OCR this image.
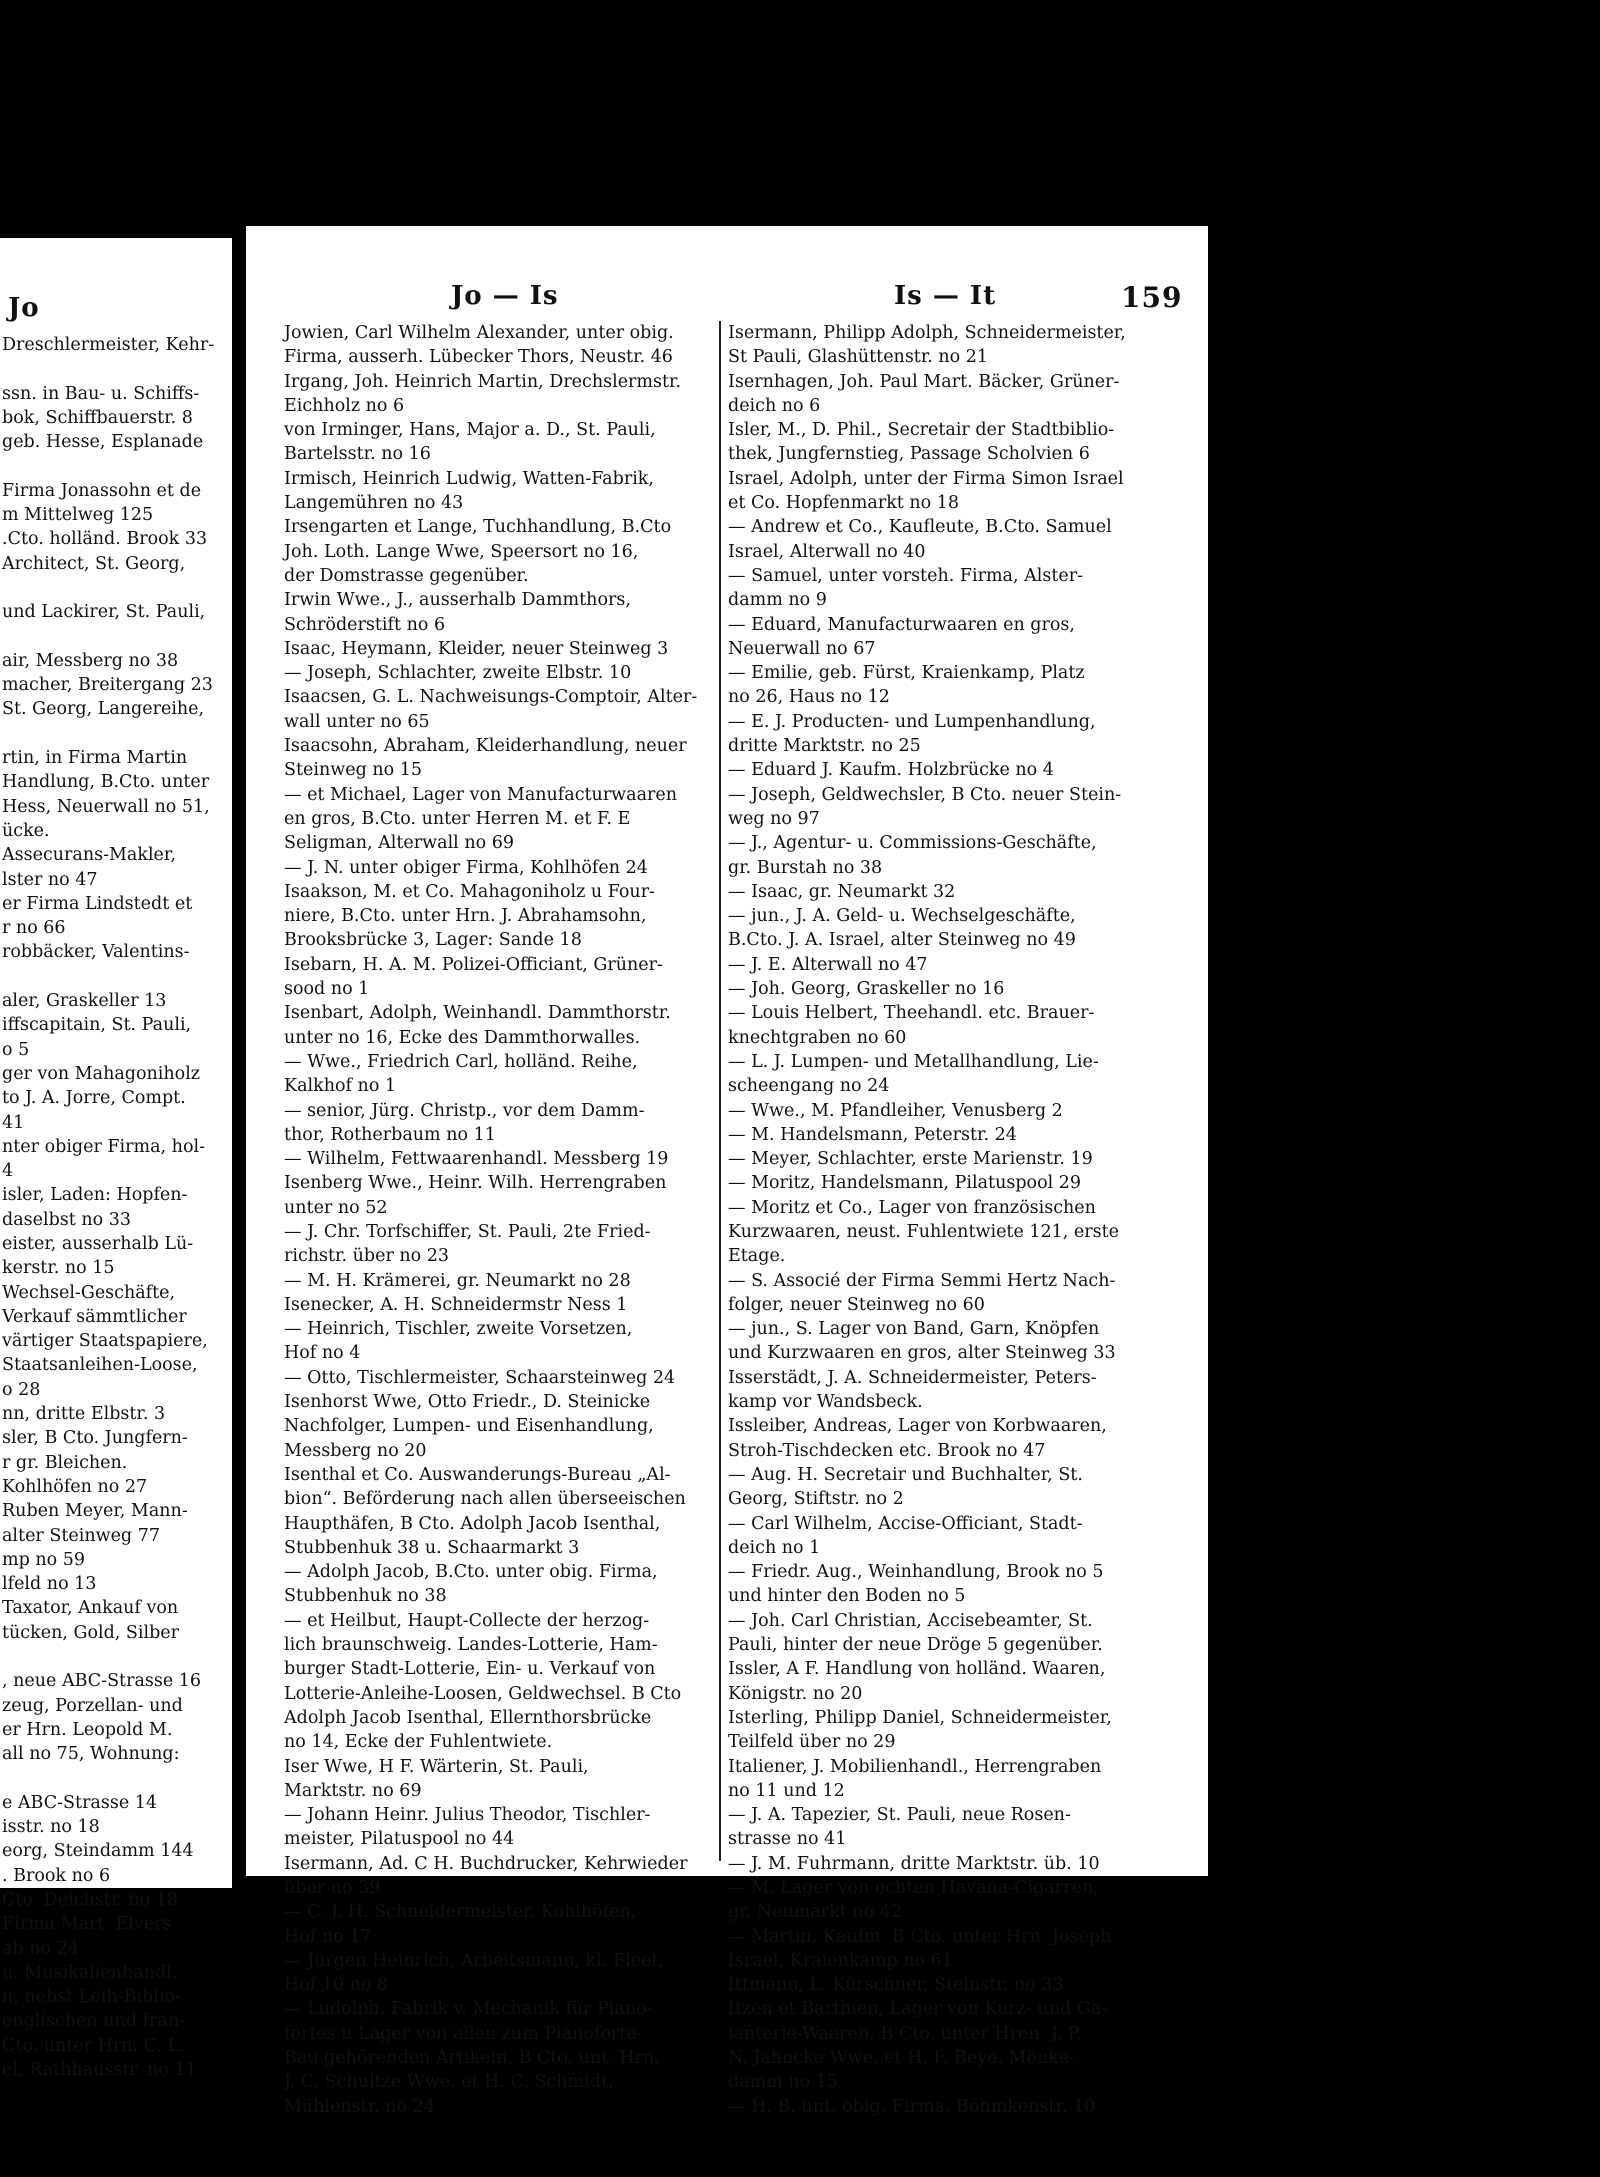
Jo
Dreschlermeister, Kehr-
ssn. in Bau- u. Schiffs-
bok, Schiffbauerstr. 8
geb. Hesse, Esplanade
Firma Jonassohn et de
m Mittelweg 125
.Cto. holländ. Brook 33
Architect, St. Georg,
und Lackirer, St. Pauli,
air, Messberg no 38
macher, Breitergang 23
St. Georg, Langereihe,
rtin, in Firma Martin
Handlung, B.Cto. unter
Hess, Neuerwall no 51,
ücke.
Assecurans-Makler,
lster no 47
er Firma Lindstedt et
r no 66
robbäcker, Valentins-
aler, Graskeller 13
iffscapitain, St. Pauli,
o 5
ger von Mahagoniholz
to J. A. Jorre, Compt.
41
nter obiger Firma, hol-
4
isler, Laden: Hopfen-
daselbst no 33
eister, ausserhalb Lü-
kerstr. no 15
Wechsel-Geschäfte,
Verkauf sämmtlicher
värtiger Staatspapiere,
Staatsanleihen-Loose,
o 28
nn, dritte Elbstr. 3
sler, B Cto. Jungfern-
r gr. Bleichen.
Kohlhöfen no 27
Ruben Meyer, Mann-
alter Steinweg 77
mp no 59
lfeld no 13
Taxator, Ankauf von
tücken, Gold, Silber
, neue ABC-Strasse 16
zeug, Porzellan- und
er Hrn. Leopold M.
all no 75, Wohnung:
e ABC-Strasse 14
isstr. no 18
eorg, Steindamm 144
. Brook no 6
Cto. Deichstr. no 18
Firma Mart. Elvers
ab no 24
u. Musikalienhandl.
n, nebst Leih-Biblio-
englischen und fran-
Cto. unter Hrn. C. L.
el, Rathhausstr. no 11
Jo — Is	Is — It	159
Jowien, Carl Wilhelm Alexander, unter obig.
Firma, ausserh. Lübecker Thors, Neustr. 46
Irgang, Joh. Heinrich Martin, Drechslermstr.
Eichholz no 6
von Irminger, Hans, Major a. D., St. Pauli,
Bartelsstr. no 16
Irmisch, Heinrich Ludwig, Watten-Fabrik,
Langemühren no 43
Irsengarten et Lange, Tuchhandlung, B.Cto
Joh. Loth. Lange Wwe, Speersort no 16,
der Domstrasse gegenüber.
Irwin Wwe., J., ausserhalb Dammthors,
Schröderstift no 6
Isaac, Heymann, Kleider, neuer Steinweg 3
— Joseph, Schlachter, zweite Elbstr. 10
Isaacsen, G. L. Nachweisungs-Comptoir, Alter-
wall unter no 65
Isaacsohn, Abraham, Kleiderhandlung, neuer
Steinweg no 15
— et Michael, Lager von Manufacturwaaren
en gros, B.Cto. unter Herren M. et F. E
Seligman, Alterwall no 69
— J. N. unter obiger Firma, Kohlhöfen 24
Isaakson, M. et Co. Mahagoniholz u Four-
niere, B.Cto. unter Hrn. J. Abrahamsohn,
Brooksbrücke 3, Lager: Sande 18
Isebarn, H. A. M. Polizei-Officiant, Grüner-
sood no 1
Isenbart, Adolph, Weinhandl. Dammthorstr.
unter no 16, Ecke des Dammthorwalles.
— Wwe., Friedrich Carl, holländ. Reihe,
Kalkhof no 1
— senior, Jürg. Christp., vor dem Damm-
thor, Rotherbaum no 11
— Wilhelm, Fettwaarenhandl. Messberg 19
Isenberg Wwe., Heinr. Wilh. Herrengraben
unter no 52
— J. Chr. Torfschiffer, St. Pauli, 2te Fried-
richstr. über no 23
— M. H. Krämerei, gr. Neumarkt no 28
Isenecker, A. H. Schneidermstr Ness 1
— Heinrich, Tischler, zweite Vorsetzen,
Hof no 4
— Otto, Tischlermeister, Schaarsteinweg 24
Isenhorst Wwe, Otto Friedr., D. Steinicke
Nachfolger, Lumpen- und Eisenhandlung,
Messberg no 20
Isenthal et Co. Auswanderungs-Bureau „Al-
bion“. Beförderung nach allen überseeischen
Haupthäfen, B Cto. Adolph Jacob Isenthal,
Stubbenhuk 38 u. Schaarmarkt 3
— Adolph Jacob, B.Cto. unter obig. Firma,
Stubbenhuk no 38
— et Heilbut, Haupt-Collecte der herzog-
lich braunschweig. Landes-Lotterie, Ham-
burger Stadt-Lotterie, Ein- u. Verkauf von
Lotterie-Anleihe-Loosen, Geldwechsel. B Cto
Adolph Jacob Isenthal, Ellernthorsbrücke
no 14, Ecke der Fuhlentwiete.
Iser Wwe, H F. Wärterin, St. Pauli,
Marktstr. no 69
— Johann Heinr. Julius Theodor, Tischler-
meister, Pilatuspool no 44
Isermann, Ad. C H. Buchdrucker, Kehrwieder
über no 39
— C. J. H. Schneidermeister, Kohlhöfen,
Hof no 17
— Jürgen Heinrich, Arbeitsmann, kl. Fleet,
Hof 10 no 8
— Ludolph, Fabrik v. Mechanik für Piano-
fortes u Lager von allen zum Pianoforte-
Bau gehörenden Artikeln, B Cto. unt. Hrn.
J. C. Schultze Wwe. et H. C. Schmidt,
Mühlenstr. no 24
Isermann, Philipp Adolph, Schneidermeister,
St Pauli, Glashüttenstr. no 21
Isernhagen, Joh. Paul Mart. Bäcker, Grüner-
deich no 6
Isler, M., D. Phil., Secretair der Stadtbiblio-
thek, Jungfernstieg, Passage Scholvien 6
Israel, Adolph, unter der Firma Simon Israel
et Co. Hopfenmarkt no 18
— Andrew et Co., Kaufleute, B.Cto. Samuel
Israel, Alterwall no 40
— Samuel, unter vorsteh. Firma, Alster-
damm no 9
— Eduard, Manufacturwaaren en gros,
Neuerwall no 67
— Emilie, geb. Fürst, Kraienkamp, Platz
no 26, Haus no 12
— E. J. Producten- und Lumpenhandlung,
dritte Marktstr. no 25
— Eduard J. Kaufm. Holzbrücke no 4
— Joseph, Geldwechsler, B Cto. neuer Stein-
weg no 97
— J., Agentur- u. Commissions-Geschäfte,
gr. Burstah no 38
— Isaac, gr. Neumarkt 32
— jun., J. A. Geld- u. Wechselgeschäfte,
B.Cto. J. A. Israel, alter Steinweg no 49
— J. E. Alterwall no 47
— Joh. Georg, Graskeller no 16
— Louis Helbert, Theehandl. etc. Brauer-
knechtgraben no 60
— L. J. Lumpen- und Metallhandlung, Lie-
scheengang no 24
— Wwe., M. Pfandleiher, Venusberg 2
— M. Handelsmann, Peterstr. 24
— Meyer, Schlachter, erste Marienstr. 19
— Moritz, Handelsmann, Pilatuspool 29
— Moritz et Co., Lager von französischen
Kurzwaaren, neust. Fuhlentwiete 121, erste
Etage.
— S. Associé der Firma Semmi Hertz Nach-
folger, neuer Steinweg no 60
— jun., S. Lager von Band, Garn, Knöpfen
und Kurzwaaren en gros, alter Steinweg 33
Isserstädt, J. A. Schneidermeister, Peters-
kamp vor Wandsbeck.
Issleiber, Andreas, Lager von Korbwaaren,
Stroh-Tischdecken etc. Brook no 47
— Aug. H. Secretair und Buchhalter, St.
Georg, Stiftstr. no 2
— Carl Wilhelm, Accise-Officiant, Stadt-
deich no 1
— Friedr. Aug., Weinhandlung, Brook no 5
und hinter den Boden no 5
— Joh. Carl Christian, Accisebeamter, St.
Pauli, hinter der neue Dröge 5 gegenüber.
Issler, A F. Handlung von holländ. Waaren,
Königstr. no 20
Isterling, Philipp Daniel, Schneidermeister,
Teilfeld über no 29
Italiener, J. Mobilienhandl., Herrengraben
no 11 und 12
— J. A. Tapezier, St. Pauli, neue Rosen-
strasse no 41
— J. M. Fuhrmann, dritte Marktstr. üb. 10
— M. Lager von echten Havana-Cigarren,
gr. Neumarkt no 42
— Martin, Kaufm. B Cto. unter Hrn. Joseph
Israel, Kraienkamp no 61
Ittmann, L. Kürschner, Steinstr. no 33
Itzen et Barthien, Lager von Kurz- und Ga-
lanterie-Waaren, B Cto. unter Hren. J. P.
N. Jahncke Wwe. et H. F. Beye, Mönke-
damm no 15
— H. B. unt. obig. Firma, Böhmkenstr. 10
